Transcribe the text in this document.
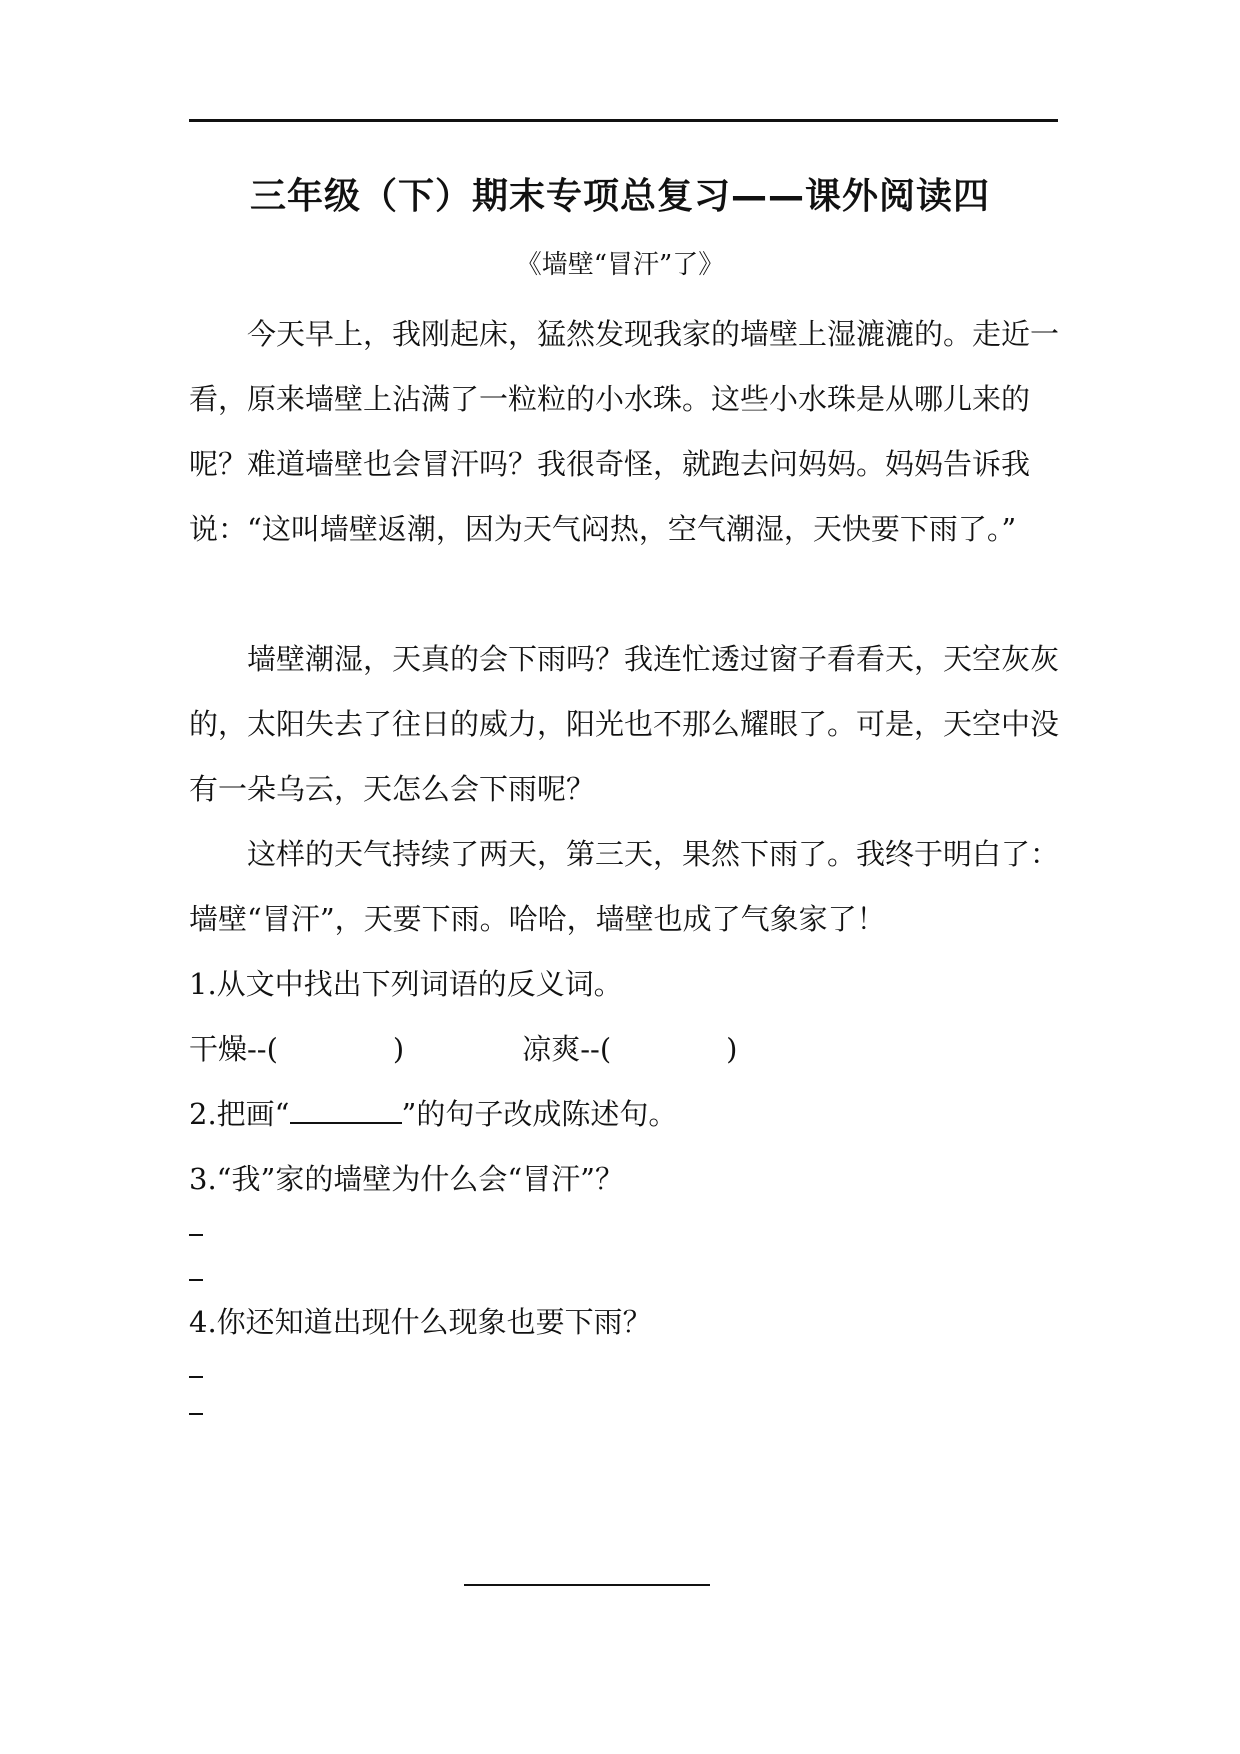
三年级（下）期末专项总复习——课外阅读四
《墙壁“冒汗”了》

今天早上，我刚起床，猛然发现我家的墙壁上湿漉漉的。走近一看，原来墙壁上沾满了一粒粒的小水珠。这些小水珠是从哪儿来的呢？难道墙壁也会冒汗吗？我很奇怪，就跑去问妈妈。妈妈告诉我说：“这叫墙壁返潮，因为天气闷热，空气潮湿，天快要下雨了。”

墙壁潮湿，天真的会下雨吗？我连忙透过窗子看看天，天空灰灰的，太阳失去了往日的威力，阳光也不那么耀眼了。可是，天空中没有一朵乌云，天怎么会下雨呢？

这样的天气持续了两天，第三天，果然下雨了。我终于明白了：墙壁“冒汗”，天要下雨。哈哈，墙壁也成了气象家了！

1.从文中找出下列词语的反义词。
干燥--(	)	凉爽--(	)
2.把画“	”的句子改成陈述句。
3.“我”家的墙壁为什么会“冒汗”？
4.你还知道出现什么现象也要下雨？
